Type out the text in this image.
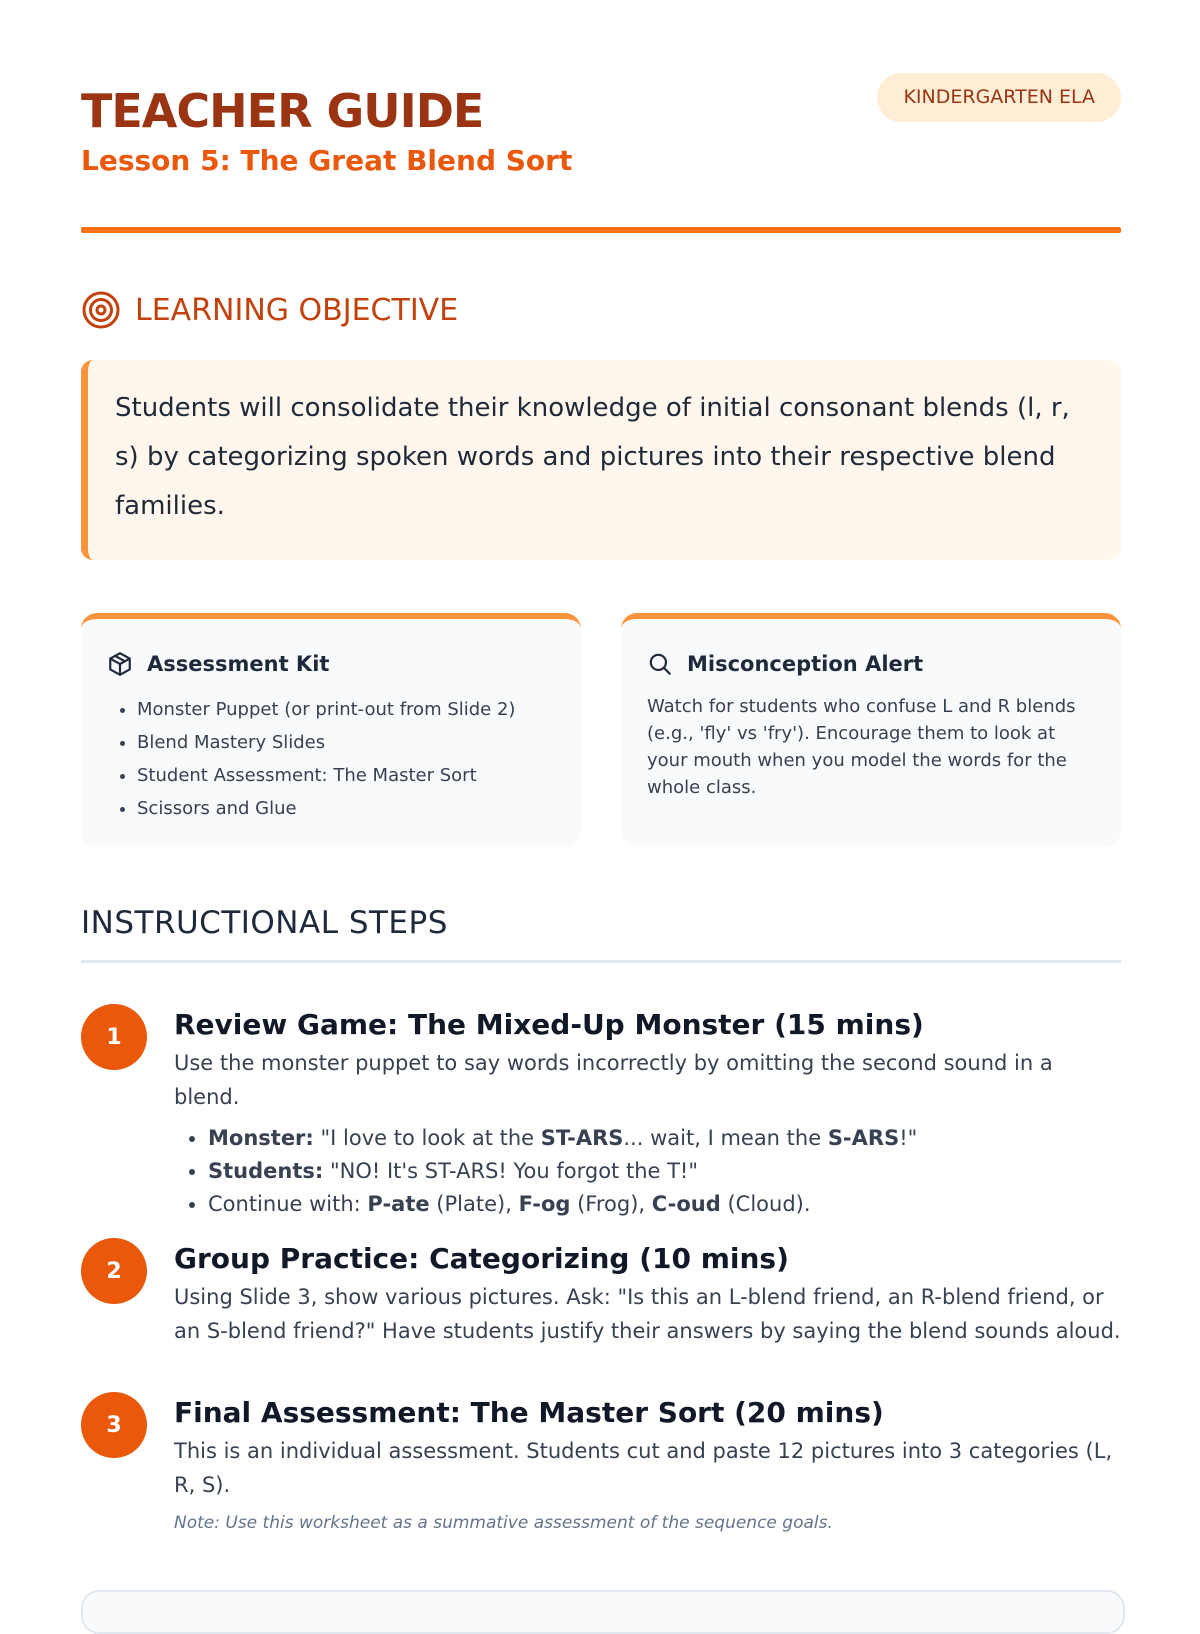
TEACHER GUIDE
Lesson 5: The Great Blend Sort
KINDERGARTEN ELA
LEARNING OBJECTIVE
Students will consolidate their knowledge of initial consonant blends (l, r, s) by categorizing spoken words and pictures into their respective blend families.
Assessment Kit
• Monster Puppet (or print-out from Slide 2)
• Blend Mastery Slides
• Student Assessment: The Master Sort
• Scissors and Glue
Misconception Alert

Watch for students who confuse L and R blends (e.g., 'fly' vs 'fry'). Encourage them to look at your mouth when you model the words for the whole class.

INSTRUCTIONAL STEPS
1	Review Game: The Mixed-Up Monster (15 mins)

Use the monster puppet to say words incorrectly by omitting the second sound in a blend.

• Monster: "I love to look at the ST-ARS... wait, I mean the S-ARS!"
• Students: "NO! It's ST-ARS! You forgot the T!"
• Continue with: P-ate (Plate), F-og (Frog), C-oud (Cloud).
2	Group Practice: Categorizing (10 mins)

Using Slide 3, show various pictures. Ask: "Is this an L-blend friend, an R-blend friend, or an S-blend friend?" Have students justify their answers by saying the blend sounds aloud.

3	Final Assessment: The Master Sort (20 mins)

This is an individual assessment. Students cut and paste 12 pictures into 3 categories (L, R, S).

Note: Use this worksheet as a summative assessment of the sequence goals.
